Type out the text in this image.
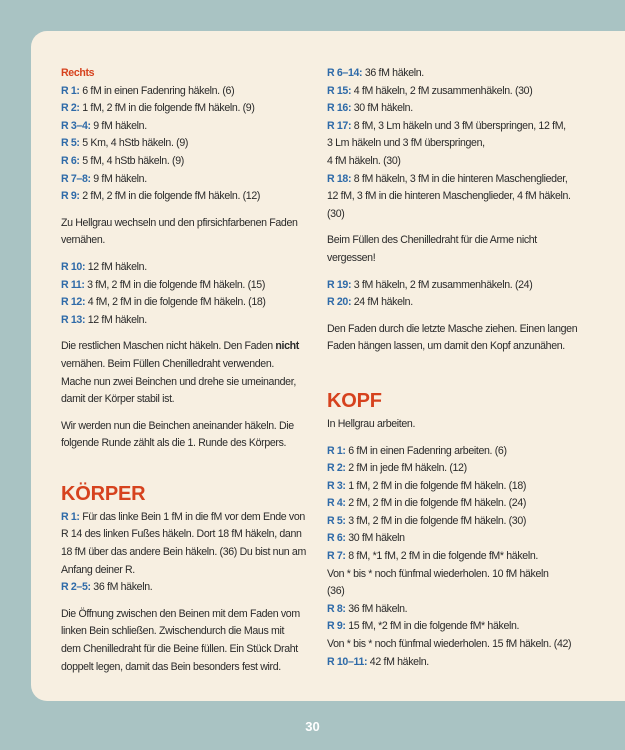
Rechts
R 1: 6 fM in einen Fadenring häkeln. (6)
R 2: 1 fM, 2 fM in die folgende fM häkeln. (9)
R 3–4: 9 fM häkeln.
R 5: 5 Km, 4 hStb häkeln. (9)
R 6: 5 fM, 4 hStb häkeln. (9)
R 7–8: 9 fM häkeln.
R 9: 2 fM, 2 fM in die folgende fM häkeln. (12)
Zu Hellgrau wechseln und den pfirsichfarbenen Faden
vernähen.
R 10: 12 fM häkeln.
R 11: 3 fM, 2 fM in die folgende fM häkeln. (15)
R 12: 4 fM, 2 fM in die folgende fM häkeln. (18)
R 13: 12 fM häkeln.
Die restlichen Maschen nicht häkeln. Den Faden nicht
vernähen. Beim Füllen Chenilledraht verwenden.
Mache nun zwei Beinchen und drehe sie umeinander,
damit der Körper stabil ist.
Wir werden nun die Beinchen aneinander häkeln. Die
folgende Runde zählt als die 1. Runde des Körpers.
KÖRPER
R 1: Für das linke Bein 1 fM in die fM vor dem Ende von
R 14 des linken Fußes häkeln. Dort 18 fM häkeln, dann
18 fM über das andere Bein häkeln. (36) Du bist nun am
Anfang deiner R.
R 2–5: 36 fM häkeln.
Die Öffnung zwischen den Beinen mit dem Faden vom
linken Bein schließen. Zwischendurch die Maus mit
dem Chenilledraht für die Beine füllen. Ein Stück Draht
doppelt legen, damit das Bein besonders fest wird.
R 6–14: 36 fM häkeln.
R 15: 4 fM häkeln, 2 fM zusammenhäkeln. (30)
R 16: 30 fM häkeln.
R 17: 8 fM, 3 Lm häkeln und 3 fM überspringen, 12 fM,
3 Lm häkeln und 3 fM überspringen,
4 fM häkeln. (30)
R 18: 8 fM häkeln, 3 fM in die hinteren Maschenglieder,
12 fM, 3 fM in die hinteren Maschenglieder, 4 fM häkeln.
(30)
Beim Füllen des Chenilledraht für die Arme nicht
vergessen!
R 19: 3 fM häkeln, 2 fM zusammenhäkeln. (24)
R 20: 24 fM häkeln.
Den Faden durch die letzte Masche ziehen. Einen langen
Faden hängen lassen, um damit den Kopf anzunähen.
KOPF
In Hellgrau arbeiten.
R 1: 6 fM in einen Fadenring arbeiten. (6)
R 2: 2 fM in jede fM häkeln. (12)
R 3: 1 fM, 2 fM in die folgende fM häkeln. (18)
R 4: 2 fM, 2 fM in die folgende fM häkeln. (24)
R 5: 3 fM, 2 fM in die folgende fM häkeln. (30)
R 6: 30 fM häkeln
R 7: 8 fM, *1 fM, 2 fM in die folgende fM* häkeln.
Von * bis * noch fünfmal wiederholen. 10 fM häkeln
(36)
R 8: 36 fM häkeln.
R 9: 15 fM, *2 fM in die folgende fM* häkeln.
Von * bis * noch fünfmal wiederholen. 15 fM häkeln. (42)
R 10–11: 42 fM häkeln.
30
